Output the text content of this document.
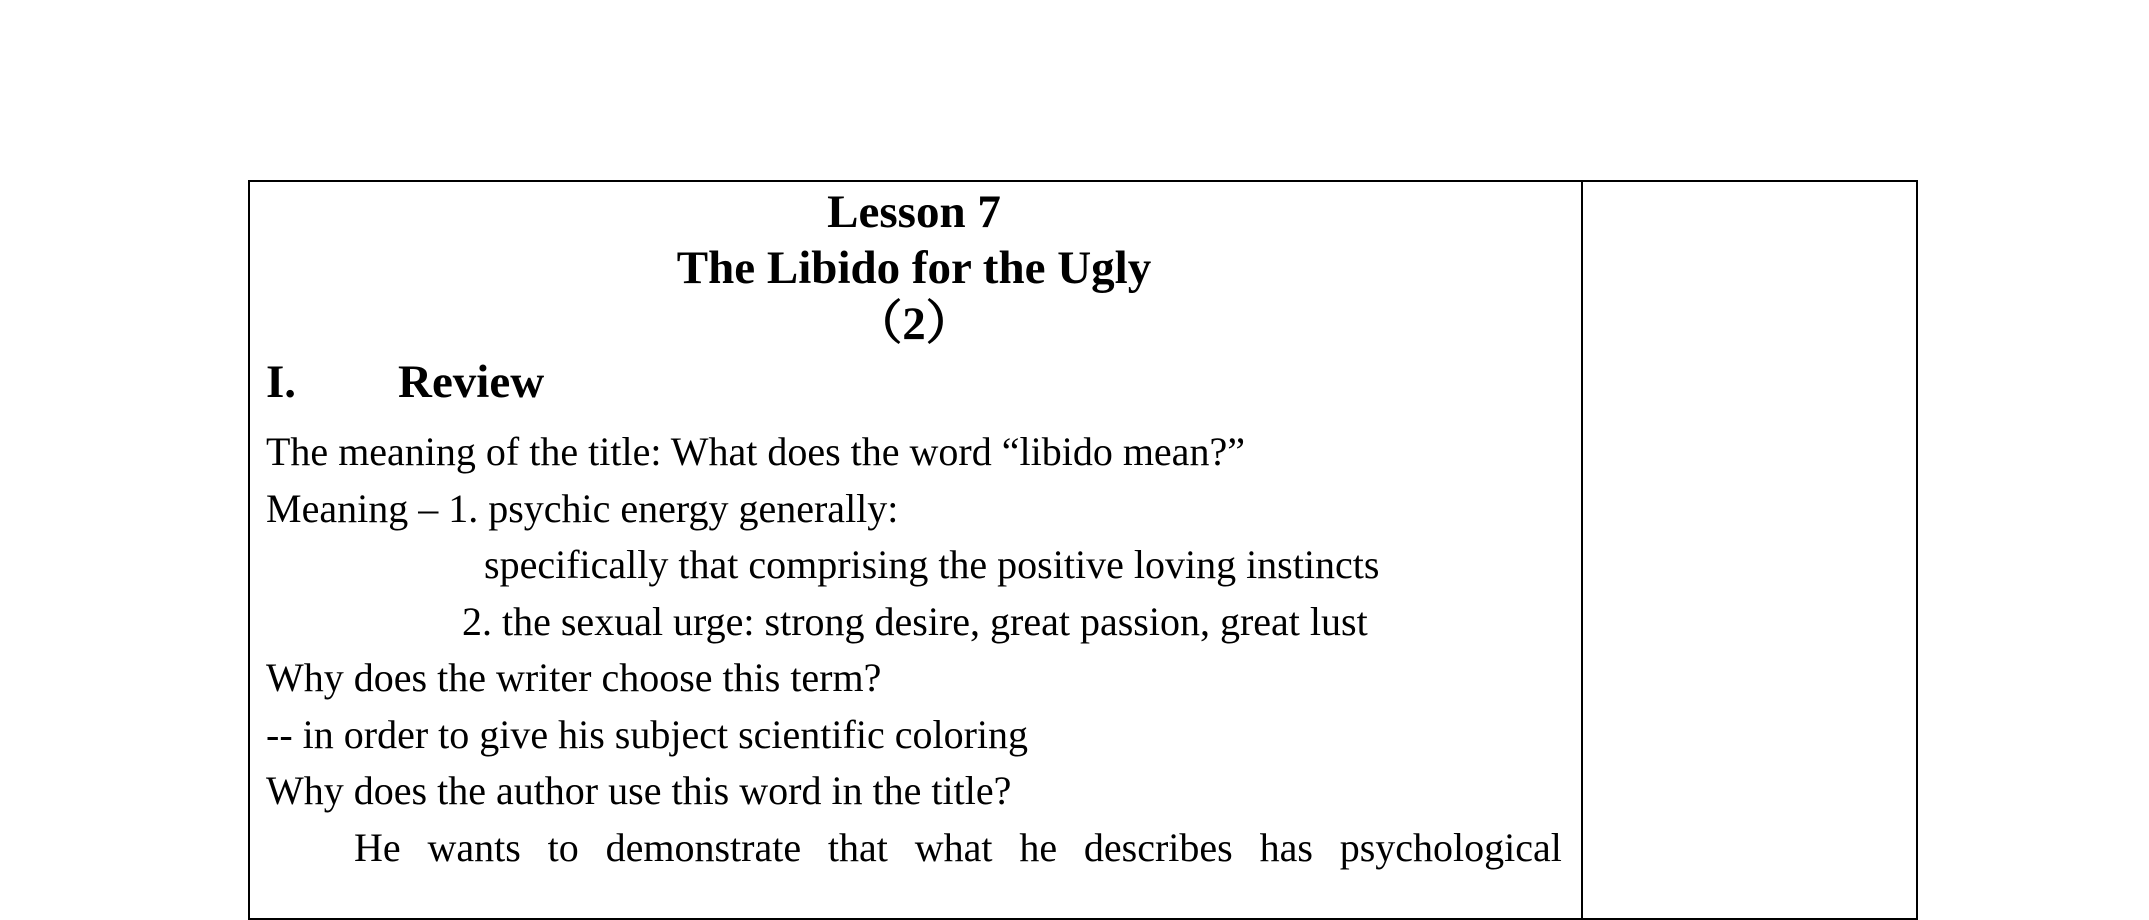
Lesson 7

The Libido for the Ugly

（2）

I.	Review

The meaning of the title: What does the word “libido mean?”

Meaning – 1. psychic energy generally:

specifically that comprising the positive loving instincts

2. the sexual urge: strong desire, great passion, great lust

Why does the writer choose this term?

-- in order to give his subject scientific coloring

Why does the author use this word in the title?

He wants to demonstrate that what he describes has psychological
